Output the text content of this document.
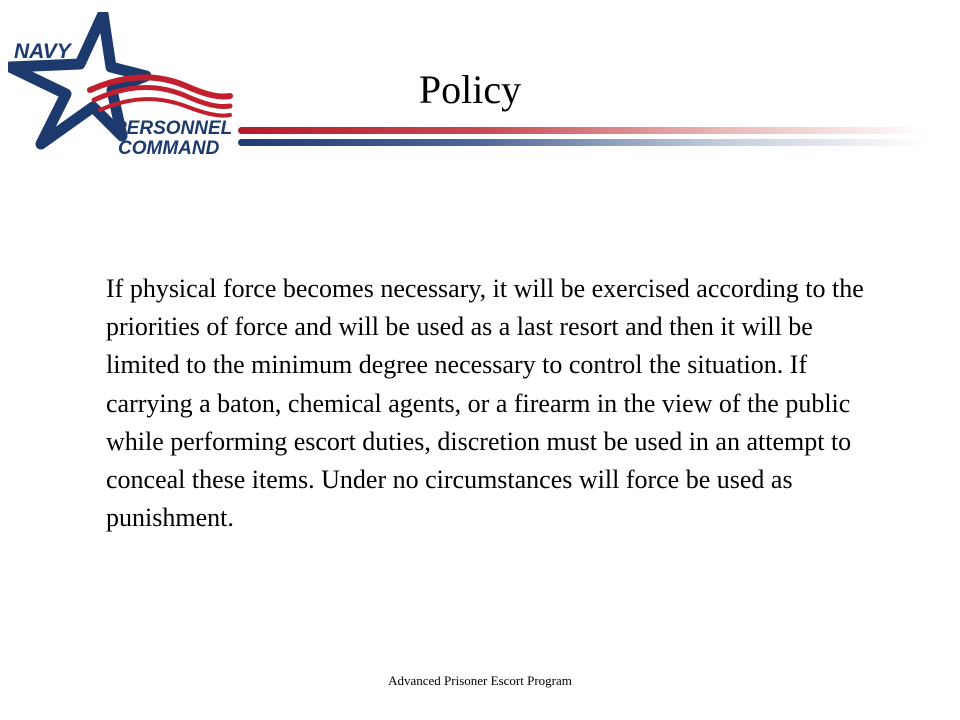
NAVY
PERSONNEL
COMMAND
Policy

If physical force becomes necessary, it will be exercised according to the priorities of force and will be used as a last resort and then it will be limited to the minimum degree necessary to control the situation. If carrying a baton, chemical agents, or a firearm in the view of the public while performing escort duties, discretion must be used in an attempt to conceal these items. Under no circumstances will force be used as punishment.

Advanced Prisoner Escort Program
